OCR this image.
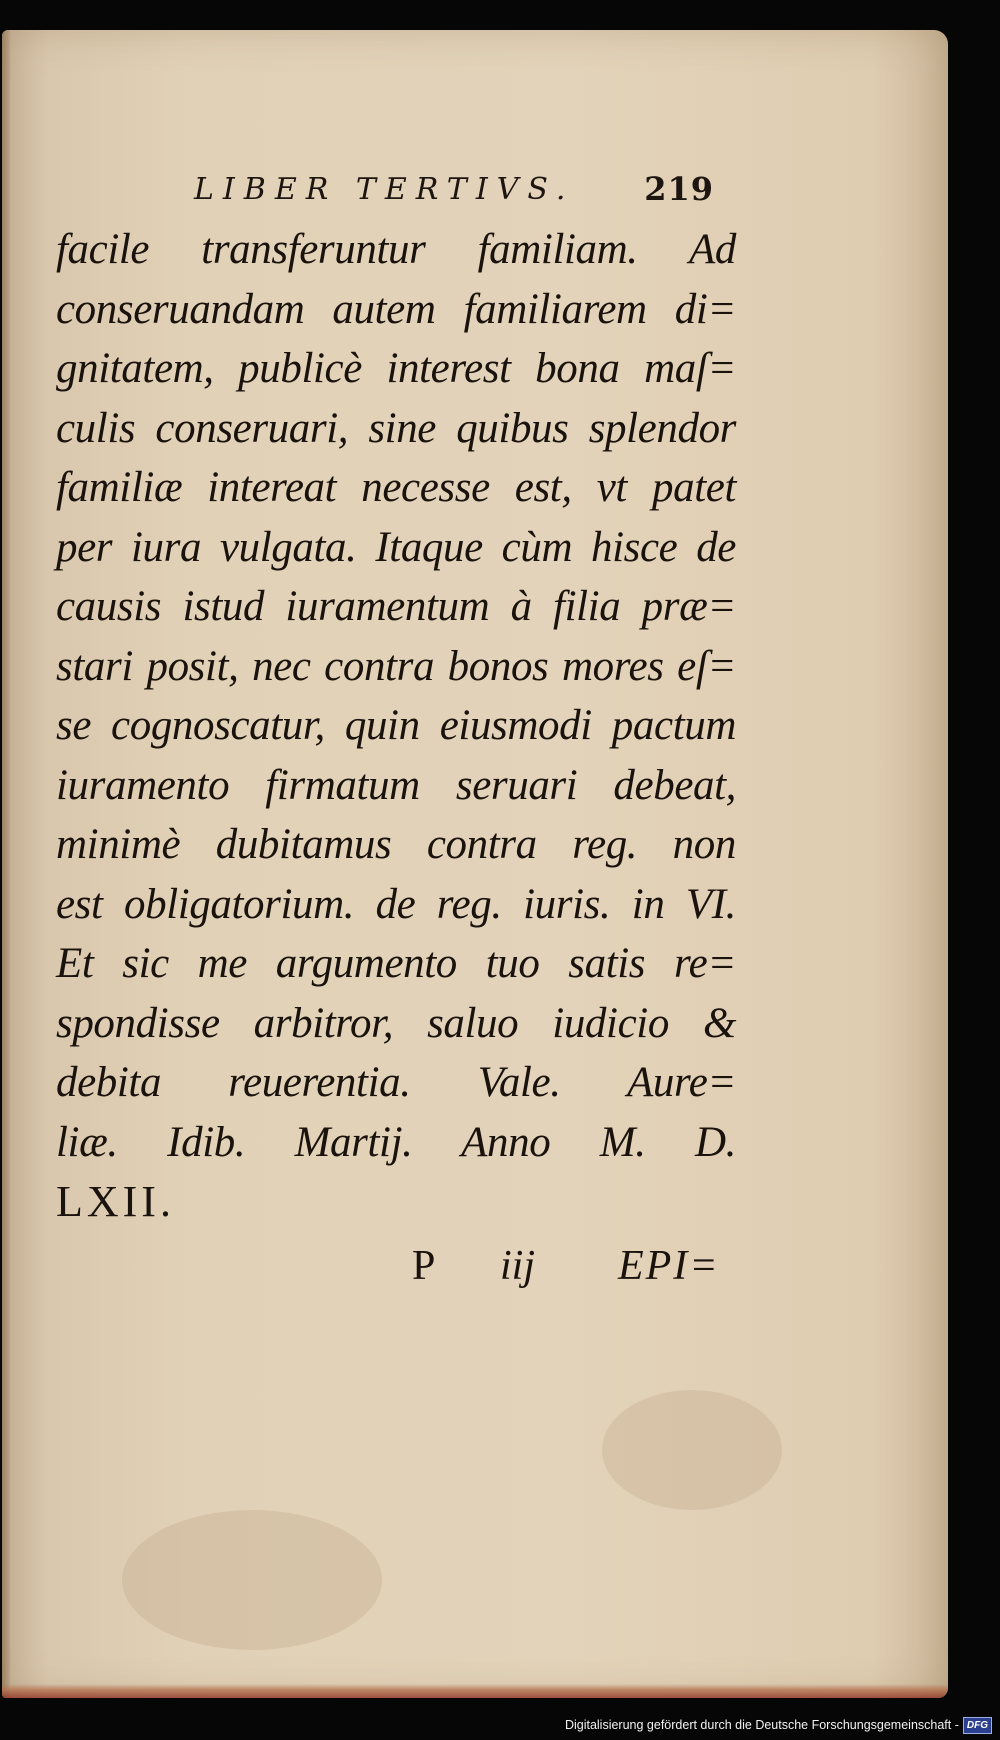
LIBER TERTIVS. 219
facile transferuntur familiam. Ad
conseruandam autem familiarem di=
gnitatem, publicè interest bona maſ=
culis conseruari, sine quibus splendor
familiæ intereat necesse est, vt patet
per iura vulgata. Itaque cùm hisce de
causis istud iuramentum à filia præ=
stari posit, nec contra bonos mores eſ=
se cognoscatur, quin eiusmodi pactum
iuramento firmatum seruari debeat,
minimè dubitamus contra reg. non
est obligatorium. de reg. iuris. in VI.
Et sic me argumento tuo satis re=
spondisse arbitror, saluo iudicio &
debita reuerentia. Vale. Aure=
liæ. Idib. Martij. Anno M. D.
LXII.
P iij EPI=
Digitalisierung gefördert durch die Deutsche Forschungsgemeinschaft - DFG
